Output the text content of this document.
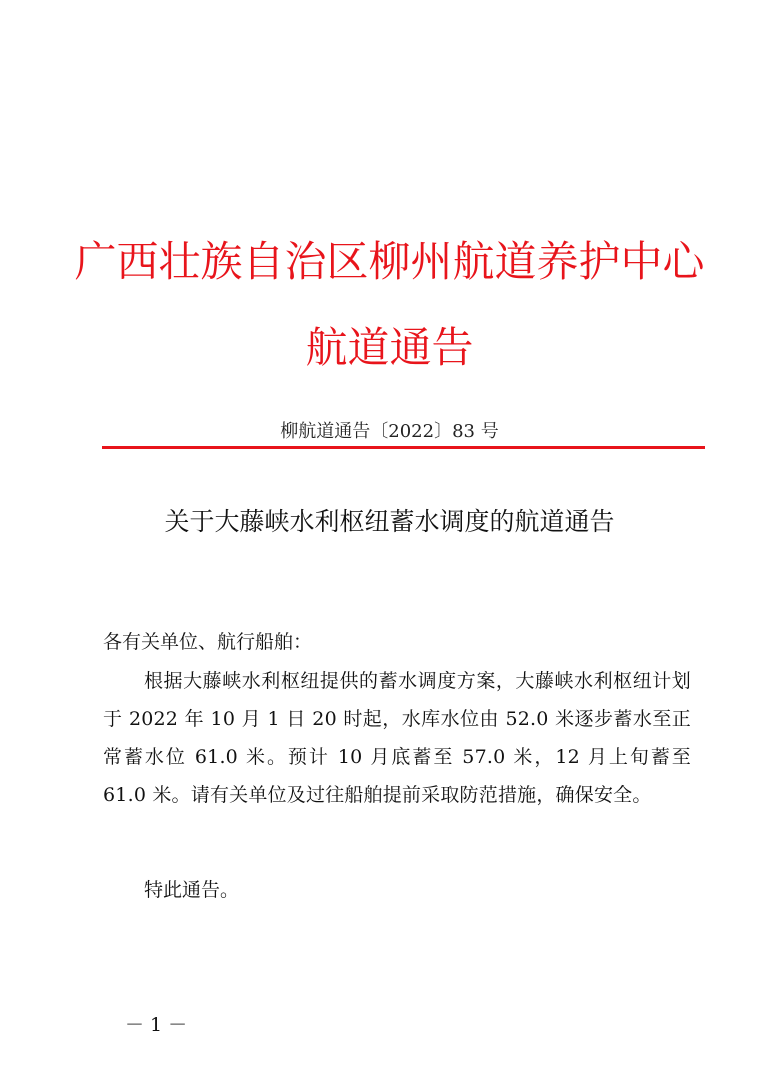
广西壮族自治区柳州航道养护中心
航道通告
柳航道通告〔2022〕83 号
关于大藤峡水利枢纽蓄水调度的航道通告
各有关单位、航行船舶：
根据大藤峡水利枢纽提供的蓄水调度方案，大藤峡水利枢纽计划于 2022 年 10 月 1 日 20 时起，水库水位由 52.0 米逐步蓄水至正常蓄水位 61.0 米。预计 10 月底蓄至 57.0 米，12 月上旬蓄至 61.0 米。请有关单位及过往船舶提前采取防范措施，确保安全。
特此通告。
－ 1 －
